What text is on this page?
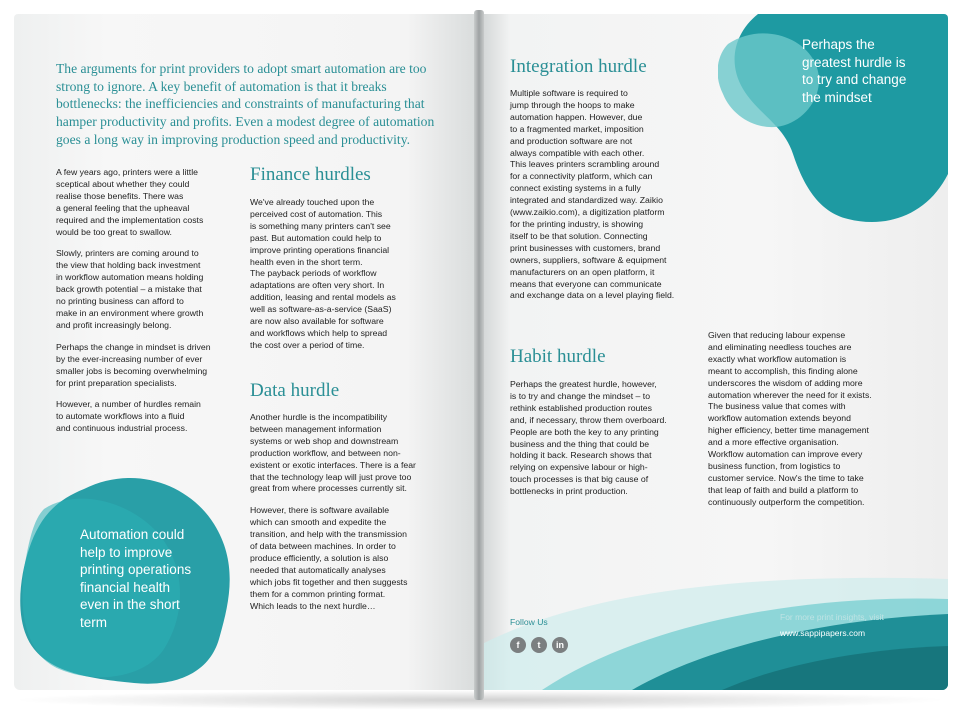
The arguments for print providers to adopt smart automation are too strong to ignore. A key benefit of automation is that it breaks bottlenecks: the inefficiencies and constraints of manufacturing that hamper productivity and profits. Even a modest degree of automation goes a long way in improving production speed and productivity.

A few years ago, printers were a little
sceptical about whether they could
realise those benefits. There was
a general feeling that the upheaval
required and the implementation costs
would be too great to swallow.

Slowly, printers are coming around to
the view that holding back investment
in workflow automation means holding
back growth potential – a mistake that
no printing business can afford to
make in an environment where growth
and profit increasingly belong.

Perhaps the change in mindset is driven
by the ever-increasing number of ever
smaller jobs is becoming overwhelming
for print preparation specialists.

However, a number of hurdles remain
to automate workflows into a fluid
and continuous industrial process.

Finance hurdles

We've already touched upon the
perceived cost of automation. This
is something many printers can't see
past. But automation could help to
improve printing operations financial
health even in the short term.
The payback periods of workflow
adaptations are often very short. In
addition, leasing and rental models as
well as software-as-a-service (SaaS)
are now also available for software
and workflows which help to spread
the cost over a period of time.

Data hurdle

Another hurdle is the incompatibility
between management information
systems or web shop and downstream
production workflow, and between non-
existent or exotic interfaces. There is a fear
that the technology leap will just prove too
great from where processes currently sit.

However, there is software available
which can smooth and expedite the
transition, and help with the transmission
of data between machines. In order to
produce efficiently, a solution is also
needed that automatically analyses
which jobs fit together and then suggests
them for a common printing format.
Which leads to the next hurdle…

Automation could help to improve printing operations financial health even in the short term
Perhaps the greatest hurdle is to try and change the mindset
Integration hurdle

Multiple software is required to
jump through the hoops to make
automation happen. However, due
to a fragmented market, imposition
and production software are not
always compatible with each other.
This leaves printers scrambling around
for a connectivity platform, which can
connect existing systems in a fully
integrated and standardized way. Zaikio
(www.zaikio.com), a digitization platform
for the printing industry, is showing
itself to be that solution. Connecting
print businesses with customers, brand
owners, suppliers, software & equipment
manufacturers on an open platform, it
means that everyone can communicate
and exchange data on a level playing field.

Habit hurdle

Perhaps the greatest hurdle, however,
is to try and change the mindset – to
rethink established production routes
and, if necessary, throw them overboard.
People are both the key to any printing
business and the thing that could be
holding it back. Research shows that
relying on expensive labour or high-
touch processes is that big cause of
bottlenecks in print production.

Given that reducing labour expense
and eliminating needless touches are
exactly what workflow automation is
meant to accomplish, this finding alone
underscores the wisdom of adding more
automation wherever the need for it exists.
The business value that comes with
workflow automation extends beyond
higher efficiency, better time management
and a more effective organisation.
Workflow automation can improve every
business function, from logistics to
customer service. Now's the time to take
that leap of faith and build a platform to
continuously outperform the competition.

Follow Us
f	t	in
For more print insights, visit
www.sappipapers.com
